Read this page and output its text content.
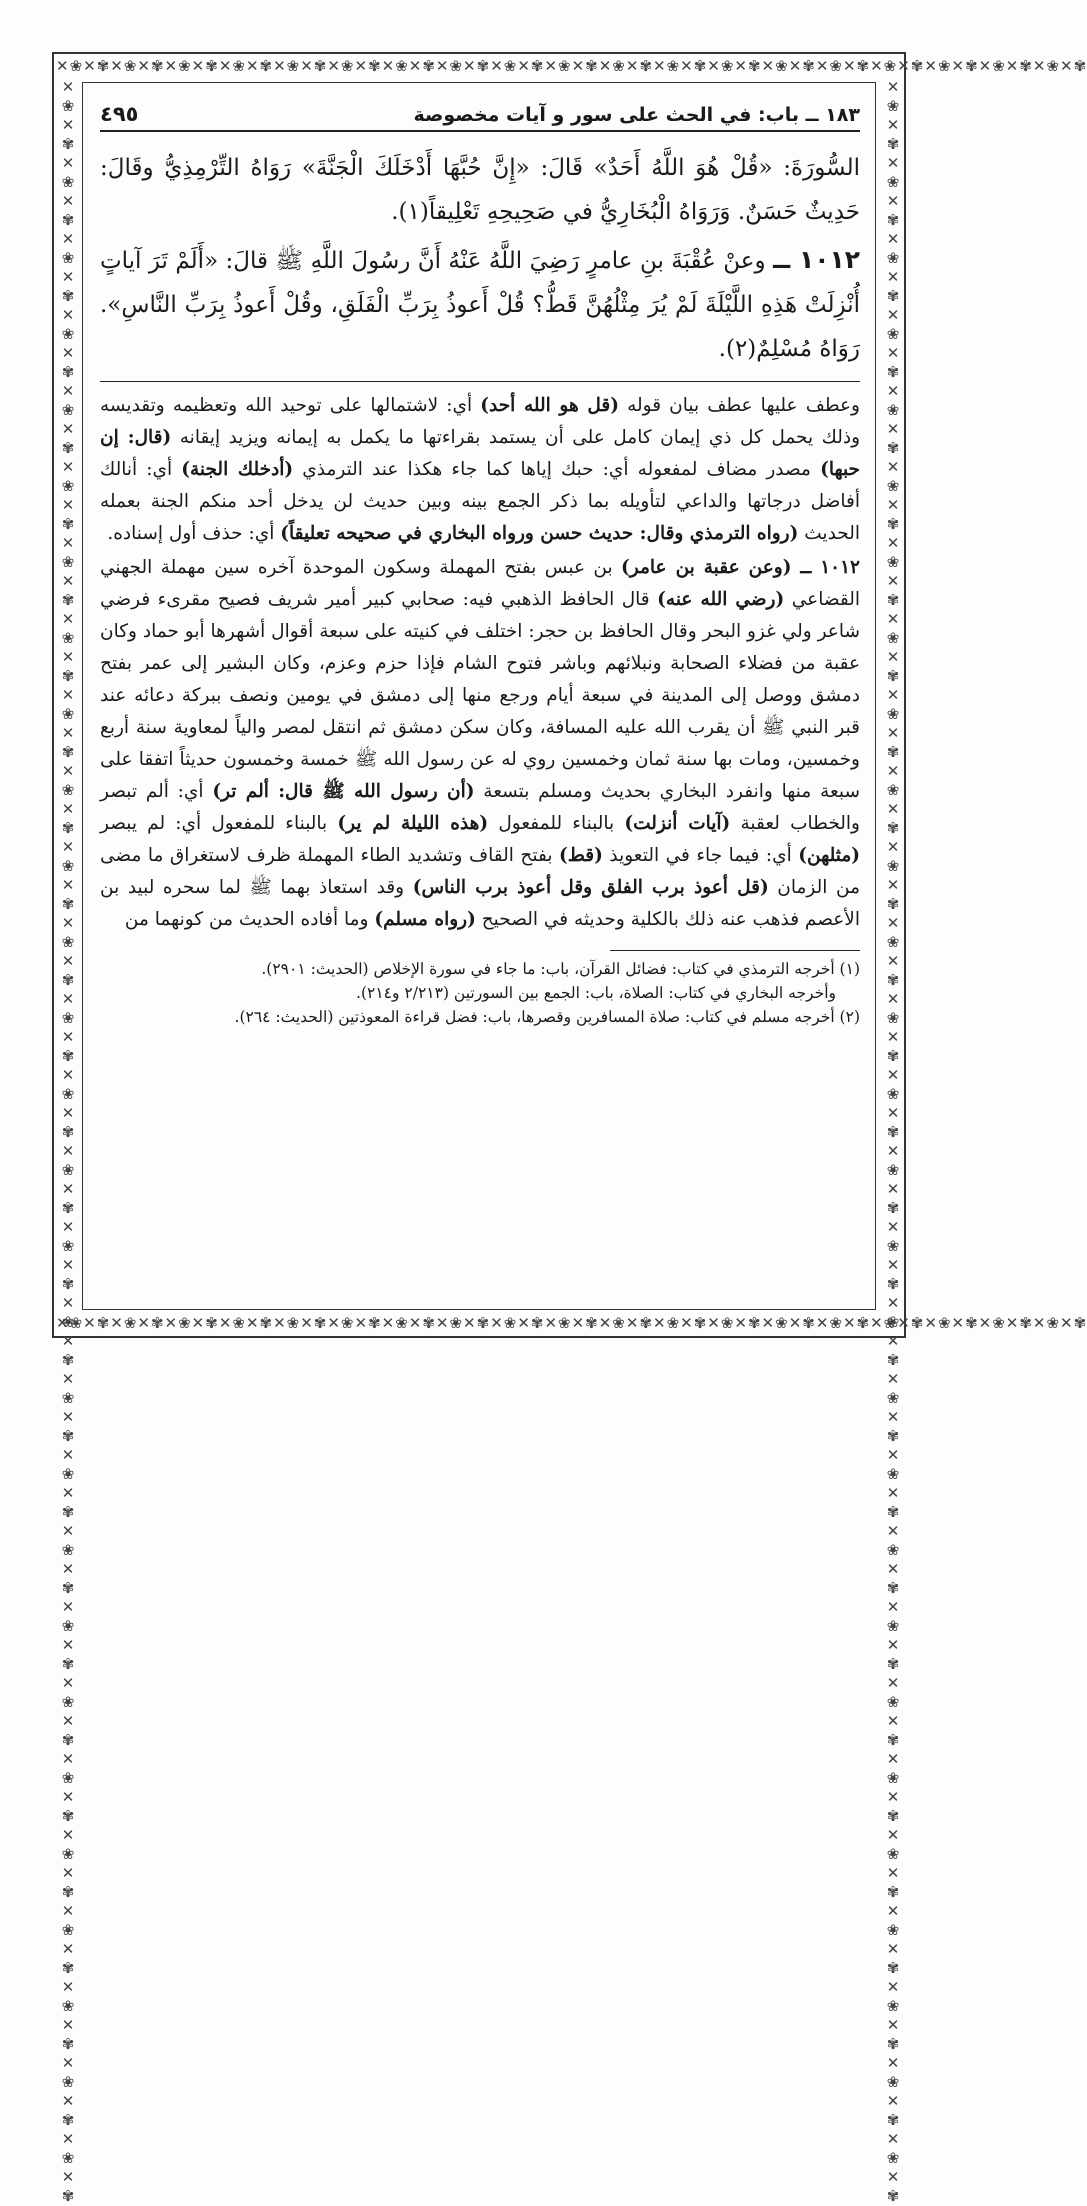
✕❀✕✾✕❀✕✾✕❀✕✾✕❀✕✾✕❀✕✾✕❀✕✾✕❀✕✾✕❀✕✾✕❀✕✾✕❀✕✾✕❀✕✾✕❀✕✾✕❀✕✾✕❀✕✾✕❀✕✾✕❀✕✾✕❀✕✾✕❀✕✾✕❀✕✾
✕❀✕✾✕❀✕✾✕❀✕✾✕❀✕✾✕❀✕✾✕❀✕✾✕❀✕✾✕❀✕✾✕❀✕✾✕❀✕✾✕❀✕✾✕❀✕✾✕❀✕✾✕❀✕✾✕❀✕✾✕❀✕✾✕❀✕✾✕❀✕✾✕❀✕✾
✕❀✕✾✕❀✕✾✕❀✕✾✕❀✕✾✕❀✕✾✕❀✕✾✕❀✕✾✕❀✕✾✕❀✕✾✕❀✕✾✕❀✕✾✕❀✕✾✕❀✕✾✕❀✕✾✕❀✕✾✕❀✕✾✕❀✕✾✕❀✕✾✕❀✕✾✕❀✕✾✕❀✕✾✕❀✕✾✕❀✕✾✕❀✕✾✕❀✕✾✕❀✕✾✕❀✕✾✕❀✕✾	✕❀✕✾✕❀✕✾✕❀✕✾✕❀✕✾✕❀✕✾✕❀✕✾✕❀✕✾✕❀✕✾✕❀✕✾✕❀✕✾✕❀✕✾✕❀✕✾✕❀✕✾✕❀✕✾✕❀✕✾✕❀✕✾✕❀✕✾✕❀✕✾✕❀✕✾✕❀✕✾✕❀✕✾✕❀✕✾✕❀✕✾✕❀✕✾✕❀✕✾✕❀✕✾✕❀✕✾✕❀✕✾
١٨٣ ــ باب: في الحث على سور و آيات مخصوصة
٤٩٥

السُّورَةَ: «قُلْ هُوَ اللَّهُ أَحَدٌ» قَالَ: «إِنَّ حُبَّهَا أَدْخَلَكَ الْجَنَّةَ» رَوَاهُ التِّرْمِذِيُّ وقَالَ: حَدِيثٌ حَسَنٌ. وَرَوَاهُ الْبُخَارِيُّ في صَحِيحِهِ تَعْلِيقاً(١).

١٠١٢ ــ وعنْ عُقْبَةَ بنِ عامرٍ رَضِيَ اللَّهُ عَنْهُ أَنَّ رسُولَ اللَّهِ ﷺ قالَ: «أَلَمْ تَرَ آياتٍ أُنْزِلَتْ هَذِهِ اللَّيْلَةَ لَمْ يُرَ مِثْلُهُنَّ قَطُّ؟ قُلْ أَعوذُ بِرَبِّ الْفَلَقِ، وقُلْ أَعوذُ بِرَبِّ النَّاسِ». رَوَاهُ مُسْلِمٌ(٢).

وعطف عليها عطف بيان قوله (قل هو الله أحد) أي: لاشتمالها على توحيد الله وتعظيمه وتقديسه وذلك يحمل كل ذي إيمان كامل على أن يستمد بقراءتها ما يكمل به إيمانه ويزيد إيقانه (قال: إن حبها) مصدر مضاف لمفعوله أي: حبك إياها كما جاء هكذا عند الترمذي (أدخلك الجنة) أي: أنالك أفاضل درجاتها والداعي لتأويله بما ذكر الجمع بينه وبين حديث لن يدخل أحد منكم الجنة بعمله الحديث (رواه الترمذي وقال: حديث حسن ورواه البخاري في صحيحه تعليقاً) أي: حذف أول إسناده.

١٠١٢ ــ (وعن عقبة بن عامر) بن عبس بفتح المهملة وسكون الموحدة آخره سين مهملة الجهني القضاعي (رضي الله عنه) قال الحافظ الذهبي فيه: صحابي كبير أمير شريف فصيح مقرىء فرضي شاعر ولي غزو البحر وقال الحافظ بن حجر: اختلف في كنيته على سبعة أقوال أشهرها أبو حماد وكان عقبة من فضلاء الصحابة ونبلائهم وباشر فتوح الشام فإذا حزم وعزم، وكان البشير إلى عمر بفتح دمشق ووصل إلى المدينة في سبعة أيام ورجع منها إلى دمشق في يومين ونصف ببركة دعائه عند قبر النبي ﷺ أن يقرب الله عليه المسافة، وكان سكن دمشق ثم انتقل لمصر والياً لمعاوية سنة أربع وخمسين، ومات بها سنة ثمان وخمسين روي له عن رسول الله ﷺ خمسة وخمسون حديثاً اتفقا على سبعة منها وانفرد البخاري بحديث ومسلم بتسعة (أن رسول الله ﷺ قال: ألم تر) أي: ألم تبصر والخطاب لعقبة (آيات أنزلت) بالبناء للمفعول (هذه الليلة لم ير) بالبناء للمفعول أي: لم يبصر (مثلهن) أي: فيما جاء في التعويذ (قط) بفتح القاف وتشديد الطاء المهملة ظرف لاستغراق ما مضى من الزمان (قل أعوذ برب الفلق وقل أعوذ برب الناس) وقد استعاذ بهما ﷺ لما سحره لبيد بن الأعصم فذهب عنه ذلك بالكلية وحديثه في الصحيح (رواه مسلم) وما أفاده الحديث من كونهما من

(١) أخرجه الترمذي في كتاب: فضائل القرآن، باب: ما جاء في سورة الإخلاص (الحديث: ٢٩٠١).

وأخرجه البخاري في كتاب: الصلاة، باب: الجمع بين السورتين (٢/٢١٣ و٢١٤).

(٢) أخرجه مسلم في كتاب: صلاة المسافرين وقصرها، باب: فضل قراءة المعوذتين (الحديث: ٢٦٤).
